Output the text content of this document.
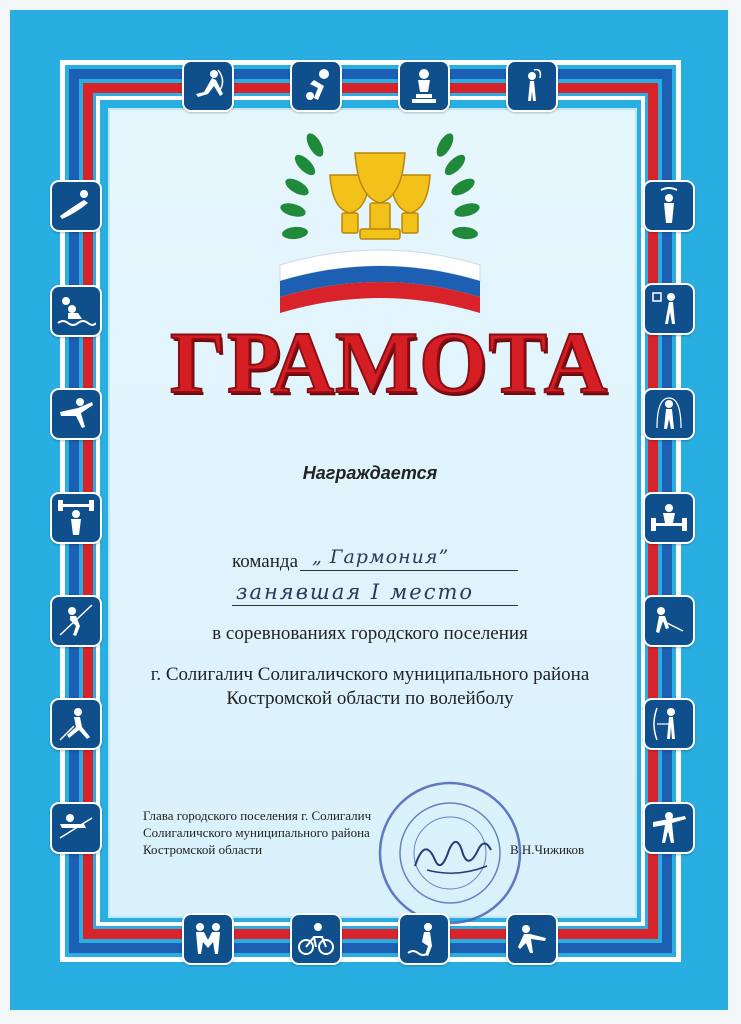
ГРАМОТА
Награждается
команда „ Гармония”
занявшая I место
в соревнованиях городского поселения
г. Солигалич Солигаличского муниципального района
Костромской области по волейболу
Глава городского поселения г. Солигалич
Солигаличского муниципального района
Костромской области	В.Н.Чижиков
